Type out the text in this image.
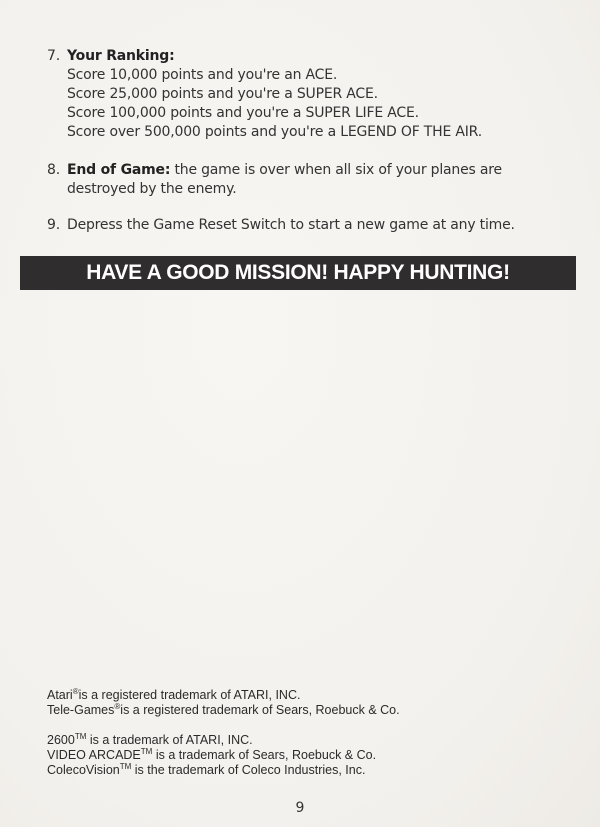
7. Your Ranking:
Score 10,000 points and you're an ACE.
Score 25,000 points and you're a SUPER ACE.
Score 100,000 points and you're a SUPER LIFE ACE.
Score over 500,000 points and you're a LEGEND OF THE AIR.
8. End of Game: the game is over when all six of your planes are
destroyed by the enemy.
9. Depress the Game Reset Switch to start a new game at any time.
HAVE A GOOD MISSION! HAPPY HUNTING!
Atari®is a registered trademark of ATARI, INC.
Tele-Games®is a registered trademark of Sears, Roebuck & Co.
2600™ is a trademark of ATARI, INC.
VIDEO ARCADE™ is a trademark of Sears, Roebuck & Co.
ColecoVision™ is the trademark of Coleco Industries, Inc.
9
